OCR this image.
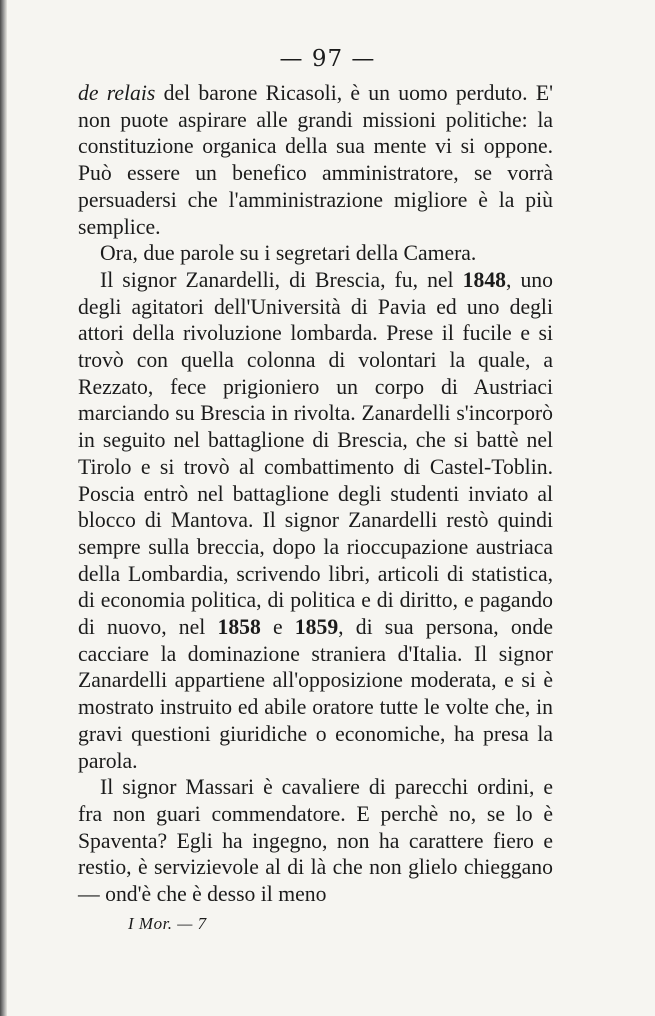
— 97 —

de relais del barone Ricasoli, è un uomo perduto. E' non puote aspirare alle grandi missioni politiche: la constituzione organica della sua mente vi si oppone. Può essere un benefico amministratore, se vorrà persuadersi che l'amministrazione migliore è la più semplice.

Ora, due parole su i segretari della Camera.

Il signor Zanardelli, di Brescia, fu, nel 1848, uno degli agitatori dell'Università di Pavia ed uno degli attori della rivoluzione lombarda. Prese il fucile e si trovò con quella colonna di volontari la quale, a Rezzato, fece prigioniero un corpo di Austriaci marciando su Brescia in rivolta. Zanardelli s'incorporò in seguito nel battaglione di Brescia, che si battè nel Tirolo e si trovò al combattimento di Castel-Toblin. Poscia entrò nel battaglione degli studenti inviato al blocco di Mantova. Il signor Zanardelli restò quindi sempre sulla breccia, dopo la rioccupazione austriaca della Lombardia, scrivendo libri, articoli di statistica, di economia politica, di politica e di diritto, e pagando di nuovo, nel 1858 e 1859, di sua persona, onde cacciare la dominazione straniera d'Italia. Il signor Zanardelli appartiene all'opposizione moderata, e si è mostrato instruito ed abile oratore tutte le volte che, in gravi questioni giuridiche o economiche, ha presa la parola.

Il signor Massari è cavaliere di parecchi ordini, e fra non guari commendatore. E perchè no, se lo è Spaventa? Egli ha ingegno, non ha carattere fiero e restio, è servizievole al di là che non glielo chieggano — ond'è che è desso il meno

I Mor. — 7
